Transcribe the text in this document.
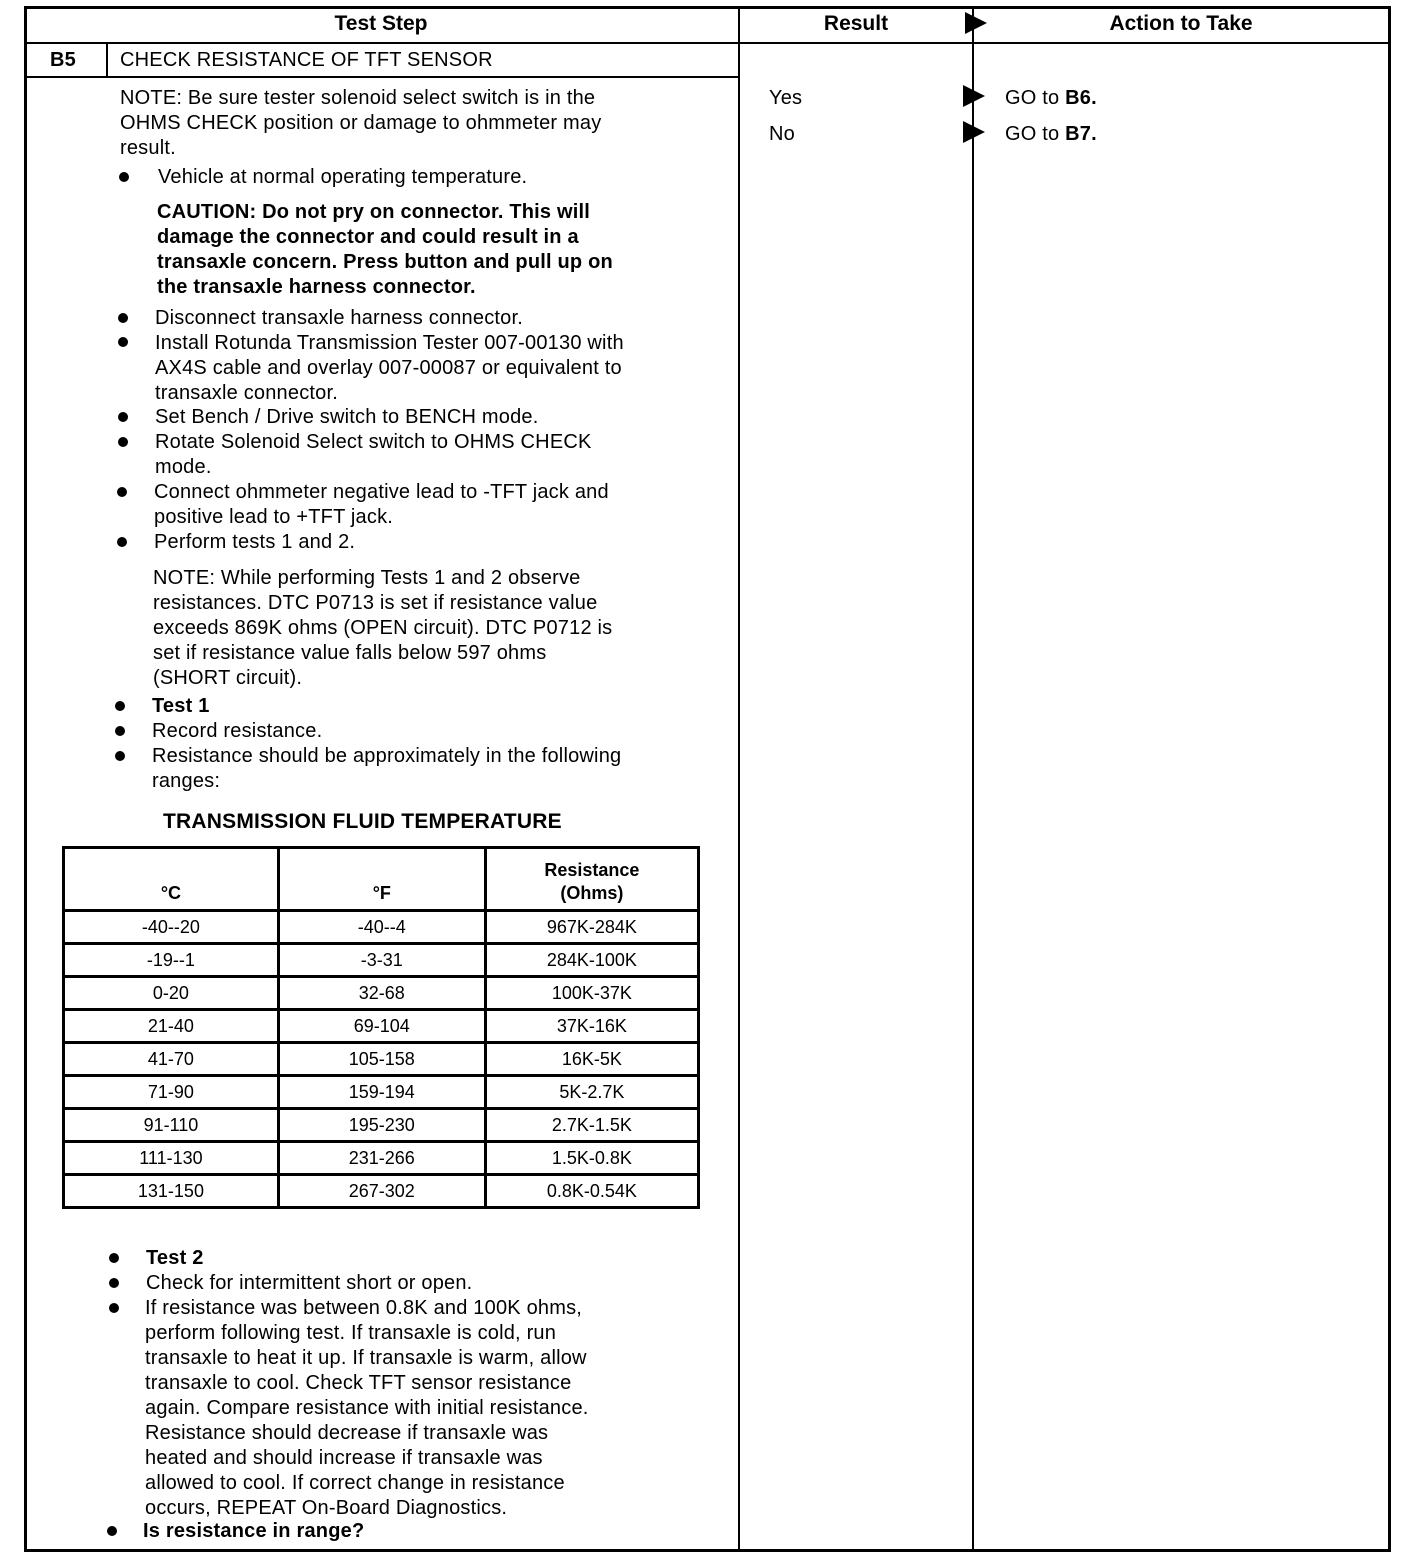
Test Step	Result	Action to Take
B5 CHECK RESISTANCE OF TFT SENSOR
Yes	GO to B6.
No	GO to B7.
NOTE: Be sure tester solenoid select switch is in the
OHMS CHECK position or damage to ohmmeter may
result.
Vehicle at normal operating temperature.
CAUTION: Do not pry on connector. This will
damage the connector and could result in a
transaxle concern. Press button and pull up on
the transaxle harness connector.
Disconnect transaxle harness connector.
Install Rotunda Transmission Tester 007-00130 with
AX4S cable and overlay 007-00087 or equivalent to
transaxle connector.
Set Bench / Drive switch to BENCH mode.
Rotate Solenoid Select switch to OHMS CHECK
mode.
Connect ohmmeter negative lead to -TFT jack and
positive lead to +TFT jack.
Perform tests 1 and 2.
NOTE: While performing Tests 1 and 2 observe
resistances. DTC P0713 is set if resistance value
exceeds 869K ohms (OPEN circuit). DTC P0712 is
set if resistance value falls below 597 ohms
(SHORT circuit).
Test 1
Record resistance.
Resistance should be approximately in the following
ranges:
TRANSMISSION FLUID TEMPERATURE
°C	°F	Resistance
(Ohms)

-40--20	-40--4	967K-284K
-19--1	-3-31	284K-100K
0-20	32-68	100K-37K
21-40	69-104	37K-16K
41-70	105-158	16K-5K
71-90	159-194	5K-2.7K
91-110	195-230	2.7K-1.5K
111-130	231-266	1.5K-0.8K
131-150	267-302	0.8K-0.54K
Test 2
Check for intermittent short or open.
If resistance was between 0.8K and 100K ohms,
perform following test. If transaxle is cold, run
transaxle to heat it up. If transaxle is warm, allow
transaxle to cool. Check TFT sensor resistance
again. Compare resistance with initial resistance.
Resistance should decrease if transaxle was
heated and should increase if transaxle was
allowed to cool. If correct change in resistance
occurs, REPEAT On-Board Diagnostics.
Is resistance in range?
